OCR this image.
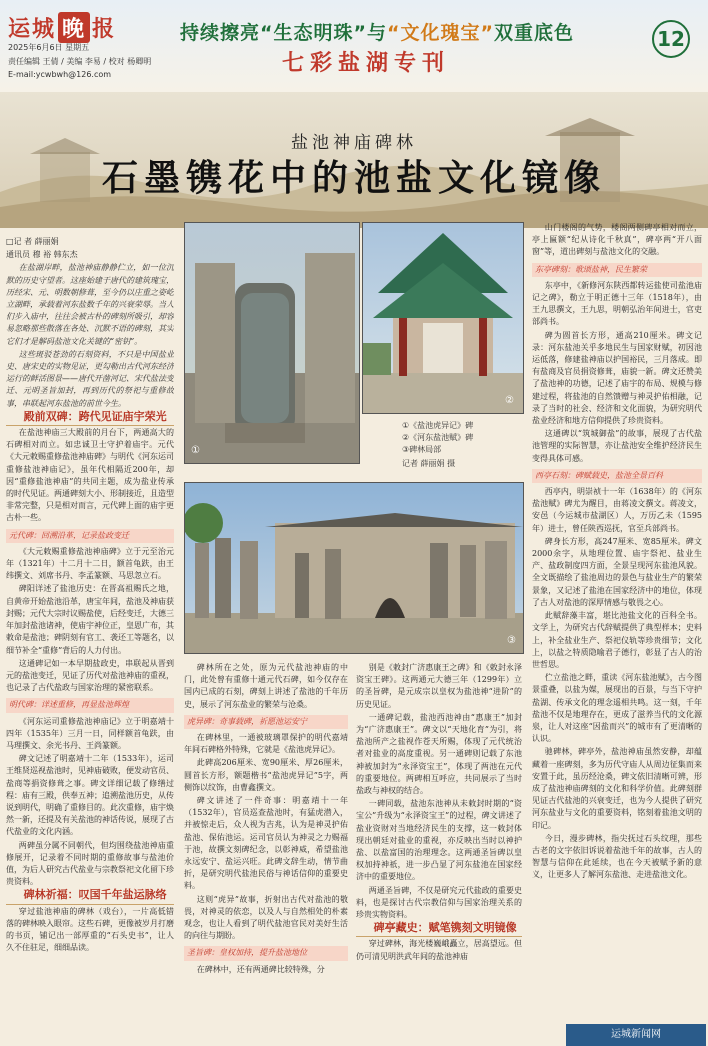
运城 晚 报	持续擦亮“生态明珠”与“文化瑰宝”双重底色
七彩盐湖专刊
12
2025年6月6日 星期五
责任编辑 王倩 / 美编 李易 / 校对 杨卿明
E-mail:ycwbwh@126.com
盐池神庙碑林
石墨镌花中的池盐文化镜像

□记 者 薛丽娟

通讯员 穆 裕 韩东杰

在盐湖岸畔，盐池神庙静静伫立，如一位沉默的历史守望者。这座始建于唐代的建筑瑰宝，历经宋、元、明数朝修葺，至今仍以庄重之姿屹立湖畔，承载着河东盐数千年的兴衰荣辱。当人们步入庙中，往往会被古朴的碑刻所吸引，却容易忽略那些散落在各处、沉默不语的碑刻，其实它们才是解码盐池文化关键的“密钥”。

这些斑驳苍劲的石刻资料，不只是中国盐业史、唐宋史的实物见证，更勾勒出古代河东经济运行的鲜活图景——唐代开凿河记、宋代盐法变迁、元明圣旨加封，再到历代的祭祀与重修故事，串联起河东盐池的前世今生。

殿前双碑：跨代见证庙宇荣光

在盐池神庙三大殿前的月台下，两通高大的石碑相对而立。如忠诚卫士守护着庙宇。元代《大元敕赐重修盐池神庙碑》与明代《河东运司重修盐池神庙记》，虽年代相隔近200年，却因“重修盐池神庙”的共同主题，成为盐业传承的时代见证。两通碑刻大小、形制接近，且造型非常完整，只是相对而言，元代碑上面的庙宇更古朴一些。

元代碑：回溯沿革，记录盐政变迁

《大元敕赐重修盐池神庙碑》立于元至治元年（1321年）十二月十二日，额首龟趺，由王纬撰文、刘席书丹、李孟篆额、马思忽立石。

碑阳详述了盐池历史：在晋高祖赐氏之地，自黄帝开始盐池沿革，唐宝年间，盐池及神庙获封赐；元代大宗时议赐盐使，后经变迁，大德三年加封盐池诸神，使庙宇神位正，皇恩广布，其敕命是盐池；碑阴刻有官工、袭还工等题名，以细节补全“重修”背后的人力付出。

这通碑记如一本早期盐政史，串联起从晋到元的盐池变迁，见证了历代对盐池神庙的重视，也记录了古代盐政与国家治理的紧密联系。

明代碑：详述重修，再显盐池辉煌

《河东运司重修盐池神庙记》立于明嘉靖十四年（1535年）三月一日，同样额首龟趺，由马理撰文、余光书丹、王尚篆额。

碑文记述了明嘉靖十二年（1533年），运司王维贤巡视盐池时，见神庙破败，便发动官员、盐商等捐资修葺之事。碑文详细记载了修缮过程：庙有三殿，供奉五神；追溯盐池历史，从传说到明代，明确了重修目的。此次重修，庙宇焕然一新，还提及有关盐池的神话传说，展现了古代盐业的文化内涵。

两碑虽分属不同朝代，但均围绕盐池神庙重修展开，记录着不同时期的重修故事与盐池价值，为后人研究古代盐业与宗教祭祀文化留下珍贵资料。

碑林祈福：叹国千年盐运脉络

穿过盐池神庙的碑林（戏台），一片高低错落的碑林映入眼帘。这些石碑，更像被岁月打磨的书页，铺记出一部厚重的“石头史书”，让人久不住驻足，细细品读。

①
②
①《盐池虎异记》碑
②《河东盐池赋》碑
③碑林局部
记者 薛丽娟 摄
③

碑林所在之处，原为元代盐池神庙的中门，此处曾有重修十通元代石碑，如今仅存在国内已成的石刻，碑刻上讲述了盐池的千年历史，展示了河东盐业的繁荣与沧桑。

虎异碑：奇事载碑，祈愿池运安宁

在碑林里，一通被玻璃罩保护的明代嘉靖年间石碑格外特殊，它就是《盐池虎异记》。

此碑高206厘米、宽90厘米、厚26厘米，圆首长方形，额题楷书“盐池虎异记”5字，两侧饰以纹饰，由曹鑫撰文。

碑文讲述了一件奇事：明嘉靖十一年（1532年），官员巡查盐池时，有猛虎潜入，并被惊走后，众人视为吉兆，认为是神灵护佑盐池、保佑池运。运司官员认为神灵之力赐福于池，故撰文刻碑纪念，以彰神威，希望盐池永远安宁、盐运兴旺。此碑文辞生动，情节曲折，是研究明代盐池民俗与神话信仰的重要史料。

这则“虎异”故事，折射出古代对盐池的敬畏，对神灵的依恋，以及人与自然相处的朴素观念，也让人看到了明代盐池官民对美好生活的向往与期盼。

圣旨碑：皇权加持，提升盐池地位

在碑林中，还有两通碑比较特殊，分

别是《敕封广济惠康王之碑》和《敕封永泽资宝王碑》。这两通元大德三年（1299年）立的圣旨碑，是元成宗以皇权为盐池神“进阶”的历史见证。

一通碑记载，盐池西池神由“惠康王”加封为“广济惠康王”。碑文以“天地化育”为引，将盐池所产之盐视作苍天所赐，体现了元代统治者对盐业的高度重视。另一通碑则记载了东池神被加封为“永泽资宝王”，体现了两池在元代的重要地位。两碑相互呼应，共同展示了当时盐政与神权的结合。

一碑同载，盐池东池神从未敕封时期的“资宝公”升级为“永泽资宝王”的过程，碑文讲述了盐业资财对当地经济民生的支撑，这一敕封体现出朝廷对盐业的重视，亦反映出当时以神护盐、以盐富国的治理理念。这两通圣旨碑以皇权加持神祇，进一步凸显了河东盐池在国家经济中的重要地位。

两通圣旨碑，不仅是研究元代盐政的重要史料，也是探讨古代宗教信仰与国家治理关系的珍贵实物资料。

碑亭藏史：赋笔镌刻文明镜像

穿过碑林，海光楼巍峨矗立，居高望远。但仍可清见明洪武年间的盐池神庙

山门楼阁的气势，楼阁两侧碑亭相对而立，亭上匾额“纪从诗化千秋真”，碑亭两“开八面窗”等，道出碑刻与盐池文化的交融。

东亭碑刻：歌颂盐神，民生繁荣

东亭中，《新修河东陕西都转运盐使司盐池庙记之碑》，勒立于明正德十三年（1518年），由王九思撰文，王九思，明朝弘治年间进士，官吏部尚书。

碑为圆首长方形，通高210厘米。碑文记录：河东盐池关乎多地民生与国家财赋，初因池运低落，修建盐神庙以护国裕民，三月落成。即有盐商及官员捐资修葺，庙貌一新。碑文还赞美了盐池神的功德，记述了庙宇的布局、规模与修建过程，将盐池的自然馈赠与神灵护佑相融，记录了当时的社会、经济和文化面貌，为研究明代盐业经济和地方信仰提供了珍贵资料。

这通碑以“筑城御盐”的故事，展现了古代盐池管理的实际智慧，亦让盐池安全维护经济民生变得具体可感。

西亭石刻：碑赋载史，盐池全景百科

西亭内，明崇祯十一年（1638年）的《河东盐池赋》碑尤为醒目，由蒋凌文撰文。蒋凌文，安邑（今运城市盐湖区）人，万历乙未（1595年）进士，曾任陕西巡抚，官至兵部尚书。

碑身长方形，高247厘米、宽85厘米。碑文2000余字，从地理位置、庙宇祭祀、盐业生产、盐政制度四方面，全景呈现河东盐池风貌。全文既描绘了盐池周边的景色与盐业生产的繁荣景象，又记述了盐池在国家经济中的地位，体现了古人对盐池的深厚情感与敬畏之心。

此赋辞藻丰富，堪比池盐文化的百科全书。文学上，为研究古代辞赋提供了典型样本；史料上，补全盐业生产、祭祀仪轨等珍贵细节；文化上，以盐之特质隐喻君子德行，彰显了古人的治世哲思。

伫立盐池之畔，重读《河东盐池赋》，古今图景重叠，以盐为媒，展现出的百景，与当下守护盐湖、传承文化的理念遥相共鸣。这一刻，千年盐池不仅是地理存在，更成了滋养当代的文化源泉，让人对这座“因盐而兴”的城市有了更清晰的认识。

驰碑林，碑亭外，盐池神庙虽然安静，却蕴藏着一座碑刻，多为历代守庙人从周边征集而来安置于此，虽历经沧桑，碑文依旧清晰可辨，形成了盐池神庙碑刻的文化和科学价值。此碑刻群见证古代盐池的兴衰变迁，也为今人提供了研究河东盐业与文化的重要资料，铭刻着盐池文明的印记。

今日，漫步碑林，指尖抚过石头纹理，那些古老的文字依旧诉说着盐池千年的故事，古人的智慧与信仰在此延续，也在今天被赋予新的意义，让更多人了解河东盐池、走进盐池文化。

运城新闻网
